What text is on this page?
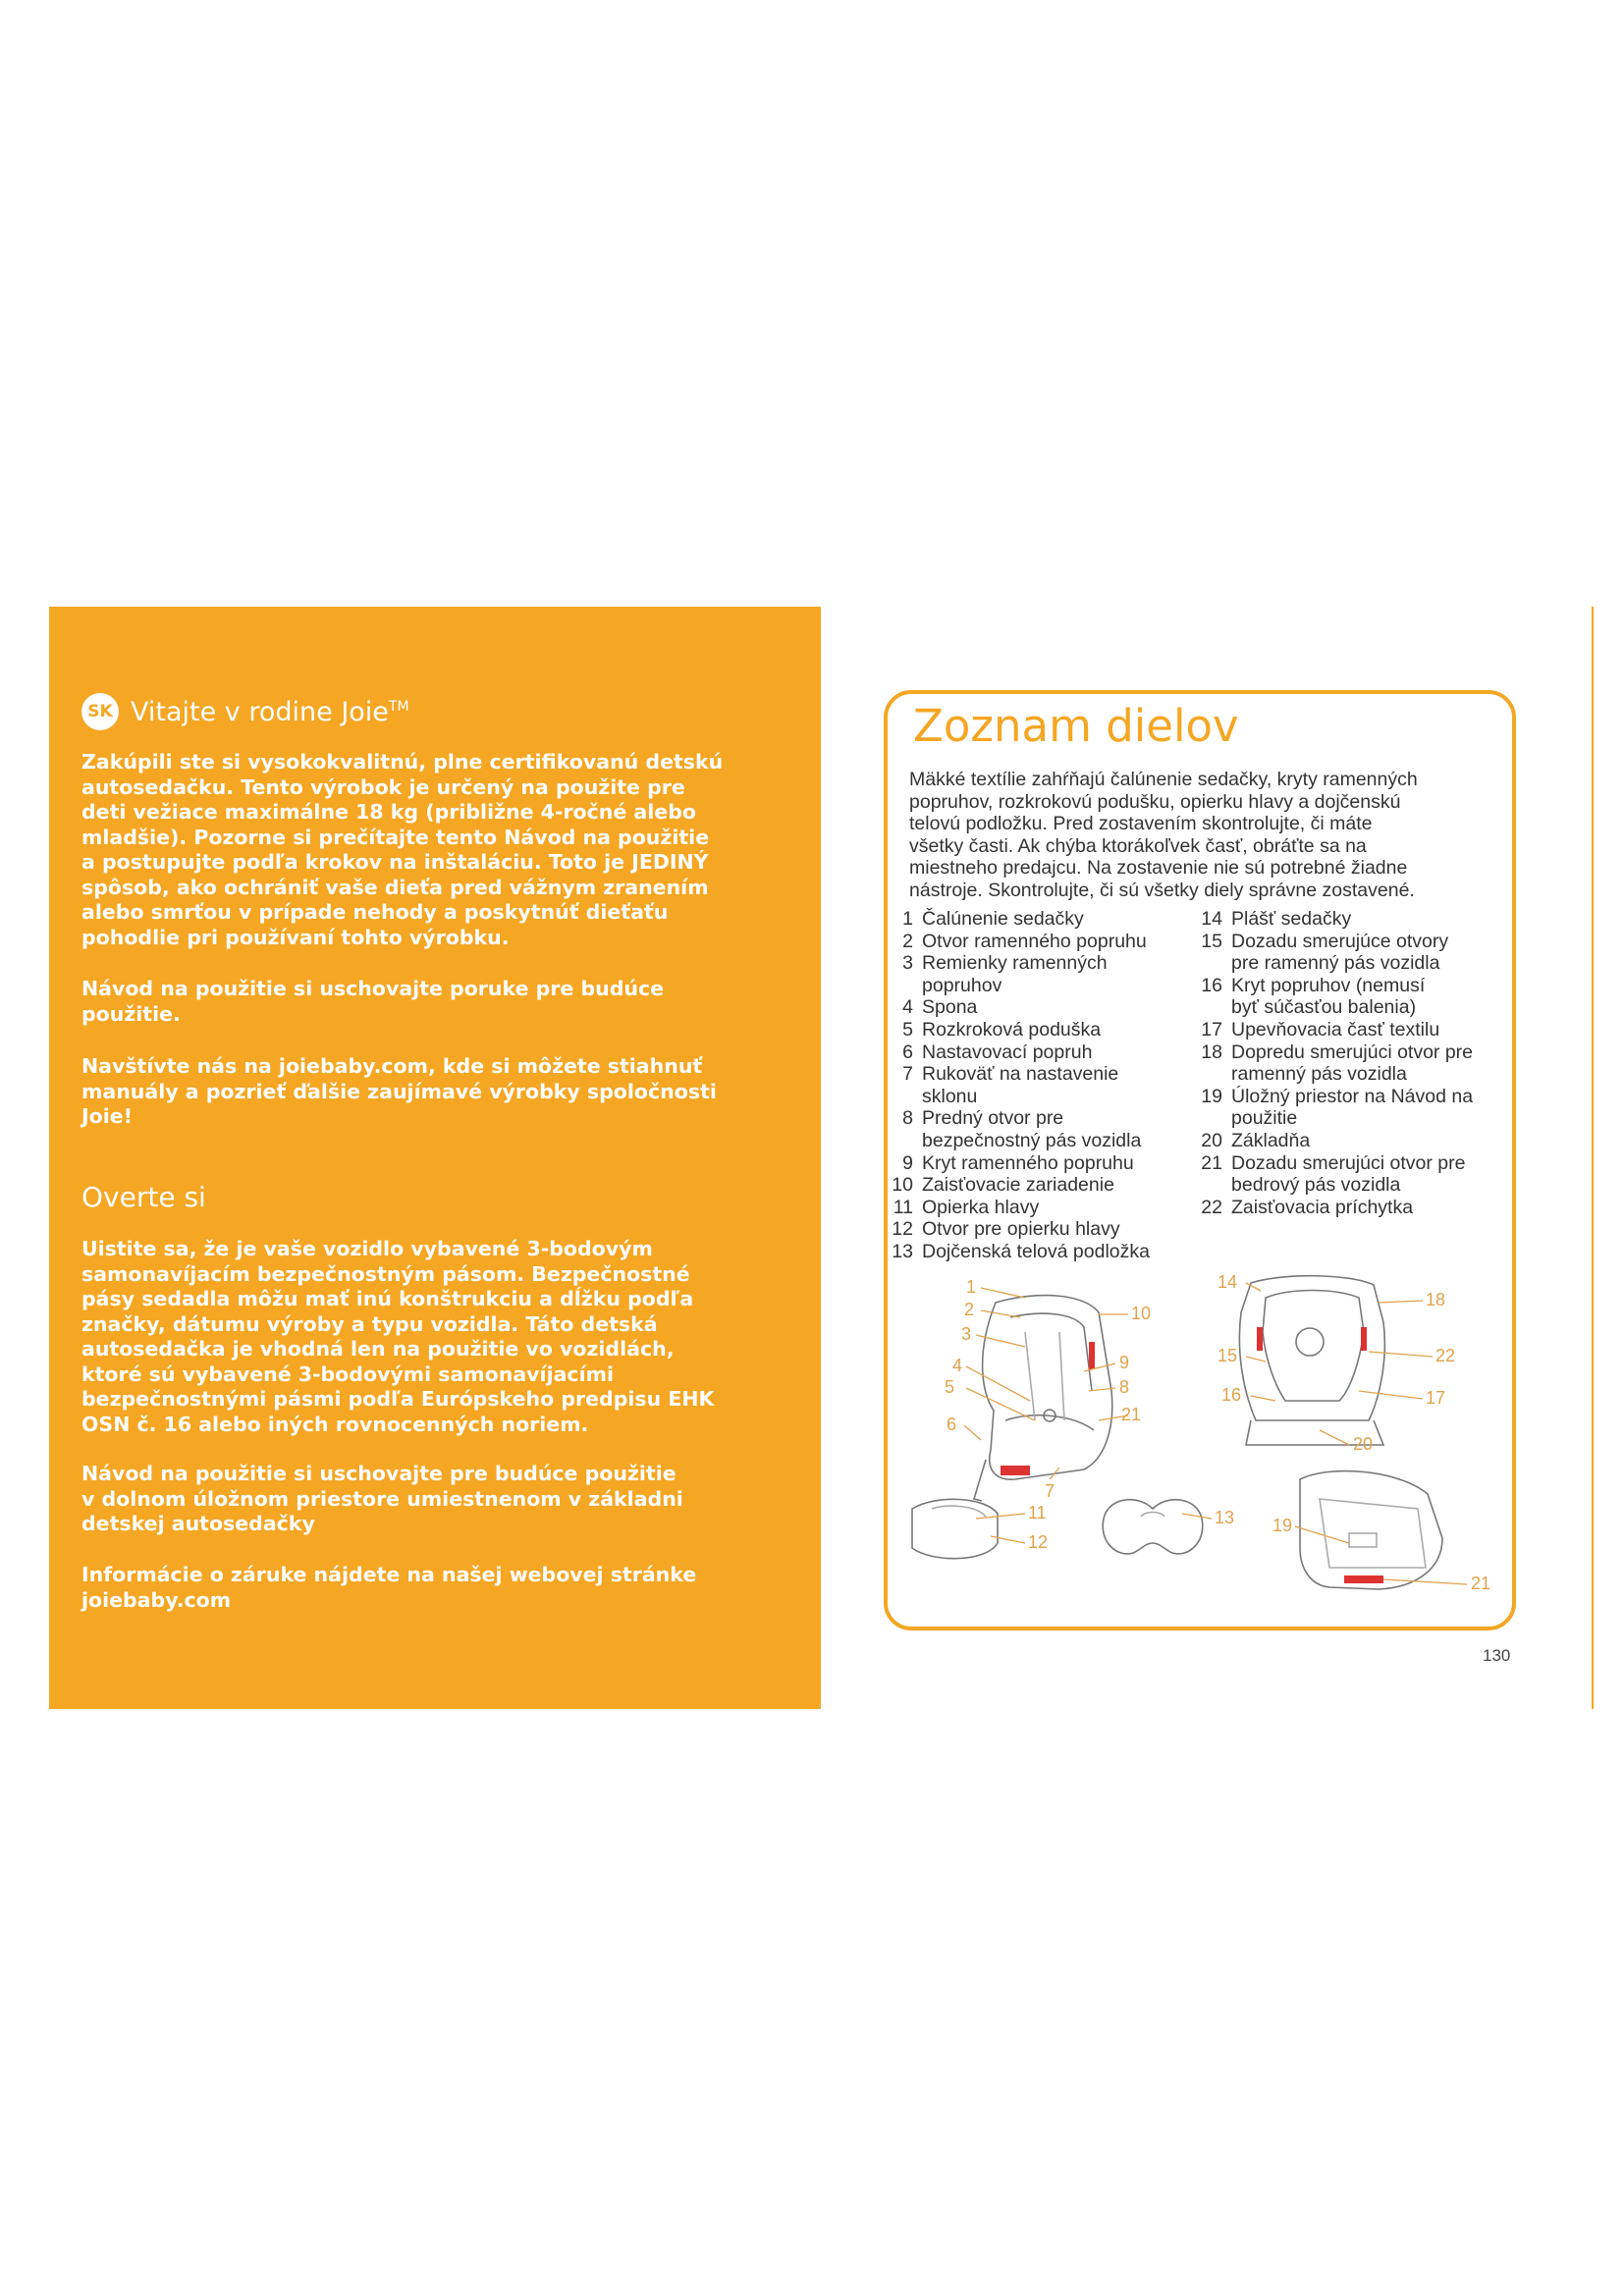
SK Vitajte v rodine Joie™

Zakúpili ste si vysokokvalitnú, plne certifikovanú detskú

autosedačku. Tento výrobok je určený na použite pre

deti vežiace maximálne 18 kg (približne 4-ročné alebo

mladšie). Pozorne si prečítajte tento Návod na použitie

a postupujte podľa krokov na inštaláciu. Toto je JEDINÝ

spôsob, ako ochrániť vaše dieťa pred vážnym zranením

alebo smrťou v prípade nehody a poskytnúť dieťaťu

pohodlie pri používaní tohto výrobku.

Návod na použitie si uschovajte poruke pre budúce

použitie.

Navštívte nás na joiebaby.com, kde si môžete stiahnuť

manuály a pozrieť ďalšie zaujímavé výrobky spoločnosti

Joie!

Overte si

Uistite sa, že je vaše vozidlo vybavené 3-bodovým

samonavíjacím bezpečnostným pásom. Bezpečnostné

pásy sedadla môžu mať inú konštrukciu a dĺžku podľa

značky, dátumu výroby a typu vozidla. Táto detská

autosedačka je vhodná len na použitie vo vozidlách,

ktoré sú vybavené 3-bodovými samonavíjacími

bezpečnostnými pásmi podľa Európskeho predpisu EHK

OSN č. 16 alebo iných rovnocenných noriem.

Návod na použitie si uschovajte pre budúce použitie

v dolnom úložnom priestore umiestnenom v základni

detskej autosedačky

Informácie o záruke nájdete na našej webovej stránke

joiebaby.com

Zoznam dielov
Mäkké textílie zahŕňajú čalúnenie sedačky, kryty ramenných
popruhov, rozkrokovú podušku, opierku hlavy a dojčenskú
telovú podložku. Pred zostavením skontrolujte, či máte
všetky časti. Ak chýba ktorákoľvek časť, obráťte sa na
miestneho predajcu. Na zostavenie nie sú potrebné žiadne
nástroje. Skontrolujte, či sú všetky diely správne zostavené.
1 Čalúnenie sedačky
2 Otvor ramenného popruhu
3 Remienky ramenných popruhov
4 Spona
5 Rozkroková poduška
6 Nastavovací popruh
7 Rukoväť na nastavenie sklonu
8 Predný otvor pre bezpečnostný pás vozidla
9 Kryt ramenného popruhu
10 Zaisťovacie zariadenie
11 Opierka hlavy
12 Otvor pre opierku hlavy
13 Dojčenská telová podložka
14 Plášť sedačky
15 Dozadu smerujúce otvory pre ramenný pás vozidla
16 Kryt popruhov (nemusí byť súčasťou balenia)
17 Upevňovacia časť textilu
18 Dopredu smerujúci otvor pre ramenný pás vozidla
19 Úložný priestor na Návod na použitie
20 Základňa
21 Dozadu smerujúci otvor pre bedrový pás vozidla
22 Zaisťovacia príchytka
1
2
3
4
5
6
7
8
9
10
11
12
13
14
15
16	17
18
19
20
21
22
21
130
